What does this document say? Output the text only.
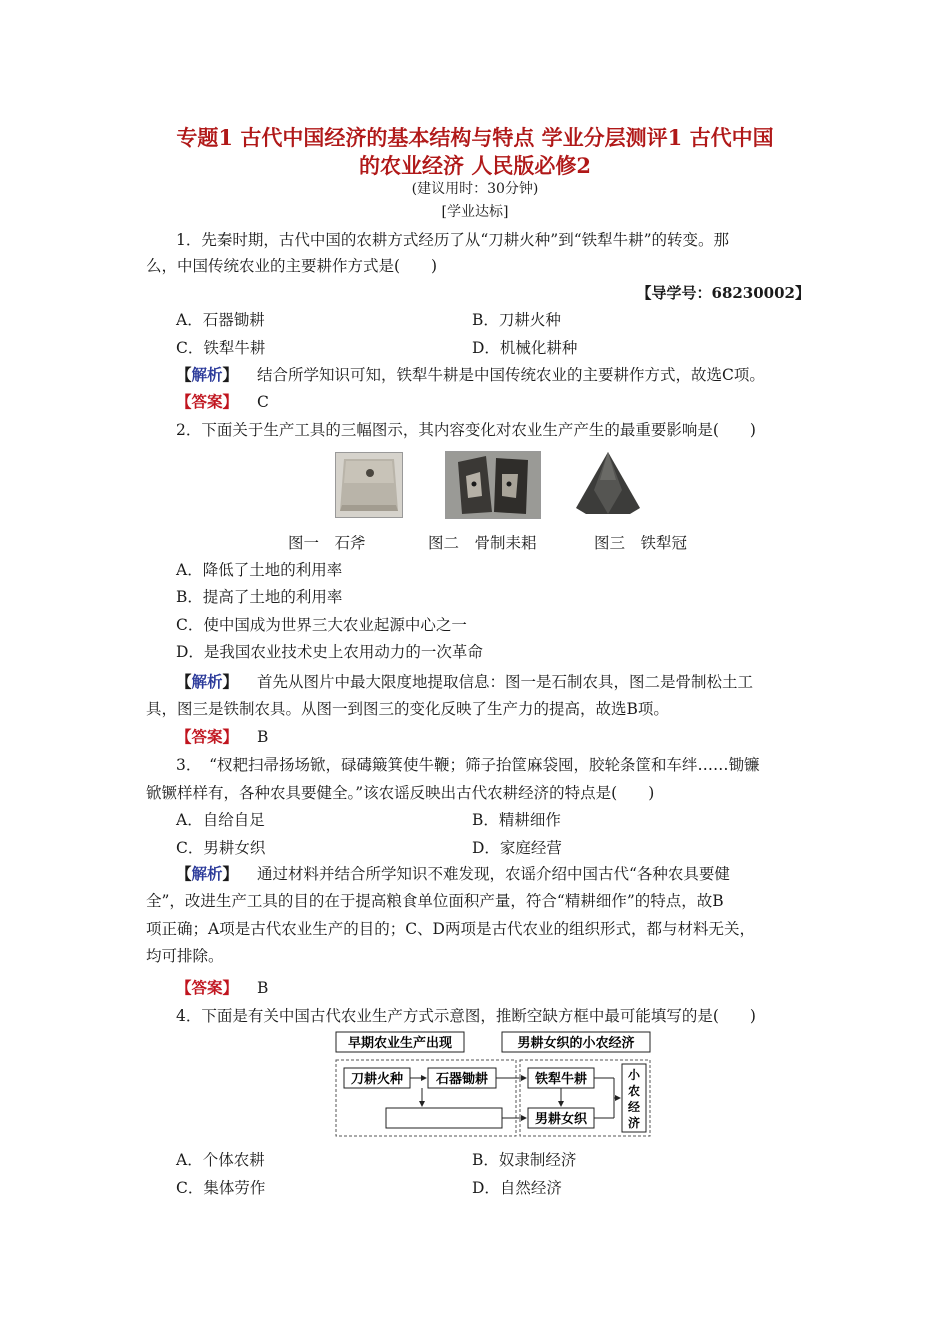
专题1 古代中国经济的基本结构与特点 学业分层测评1 古代中国
的农业经济 人民版必修2
(建议用时：30分钟)
[学业达标]
1．先秦时期，古代中国的农耕方式经历了从“刀耕火种”到“铁犁牛耕”的转变。那
么，中国传统农业的主要耕作方式是(　　)
【导学号：68230002】
A．石器锄耕	B．刀耕火种
C．铁犁牛耕	D．机械化耕种
【解析】 结合所学知识可知，铁犁牛耕是中国传统农业的主要耕作方式，故选C项。
【答案】 C
2．下面关于生产工具的三幅图示，其内容变化对农业生产产生的最重要影响是(　　)
图一　石斧	图二　骨制耒耜	图三　铁犁冠
A．降低了土地的利用率
B．提高了土地的利用率
C．使中国成为世界三大农业起源中心之一
D．是我国农业技术史上农用动力的一次革命
【解析】 首先从图片中最大限度地提取信息：图一是石制农具，图二是骨制松土工
具，图三是铁制农具。从图一到图三的变化反映了生产力的提高，故选B项。
【答案】 B
3．　“杈耙扫帚扬场锨，碌碡簸箕使牛鞭；筛子抬筐麻袋囤，胶轮条筐和车绊……锄镰
锨镢样样有，各种农具要健全。”该农谣反映出古代农耕经济的特点是(　　)
A．自给自足	B．精耕细作
C．男耕女织	D．家庭经营
【解析】 通过材料并结合所学知识不难发现，农谣介绍中国古代“各种农具要健
全”，改进生产工具的目的在于提高粮食单位面积产量，符合“精耕细作”的特点，故B
项正确；A项是古代农业生产的目的；C、D两项是古代农业的组织形式，都与材料无关，
均可排除。
【答案】 B
4．下面是有关中国古代农业生产方式示意图，推断空缺方框中最可能填写的是(　　)
早期农业生产出现	男耕女织的小农经济
刀耕火种	石器锄耕	铁犁牛耕
男耕女织
小
农
经
济
A．个体农耕	B．奴隶制经济
C．集体劳作	D．自然经济
